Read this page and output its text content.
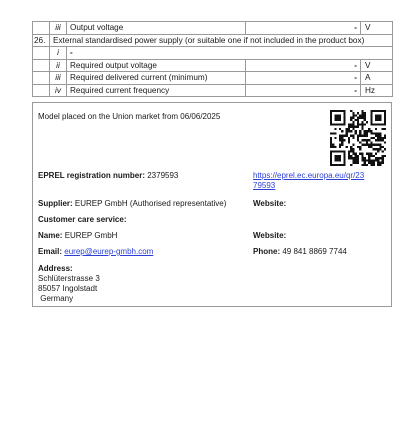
	iii	Output voltage	-	V
26.	External standardised power supply (or suitable one if not included in the product box)			
	i	-		
	ii	Required output voltage	-	V
	iii	Required delivered current (minimum)	-	A
	iv	Required current frequency	-	Hz
Model placed on the Union market from 06/06/2025
EPREL registration number: 2379593	https://eprel.ec.europa.eu/qr/23
79593
Supplier: EUREP GmbH (Authorised representative)	Website:
Customer care service:
Name: EUREP GmbH	Website:
Email: eurep@eurep-gmbh.com	Phone: 49 841 8869 7744
Address:
Schlüterstrasse 3
85057 Ingolstadt
Germany
